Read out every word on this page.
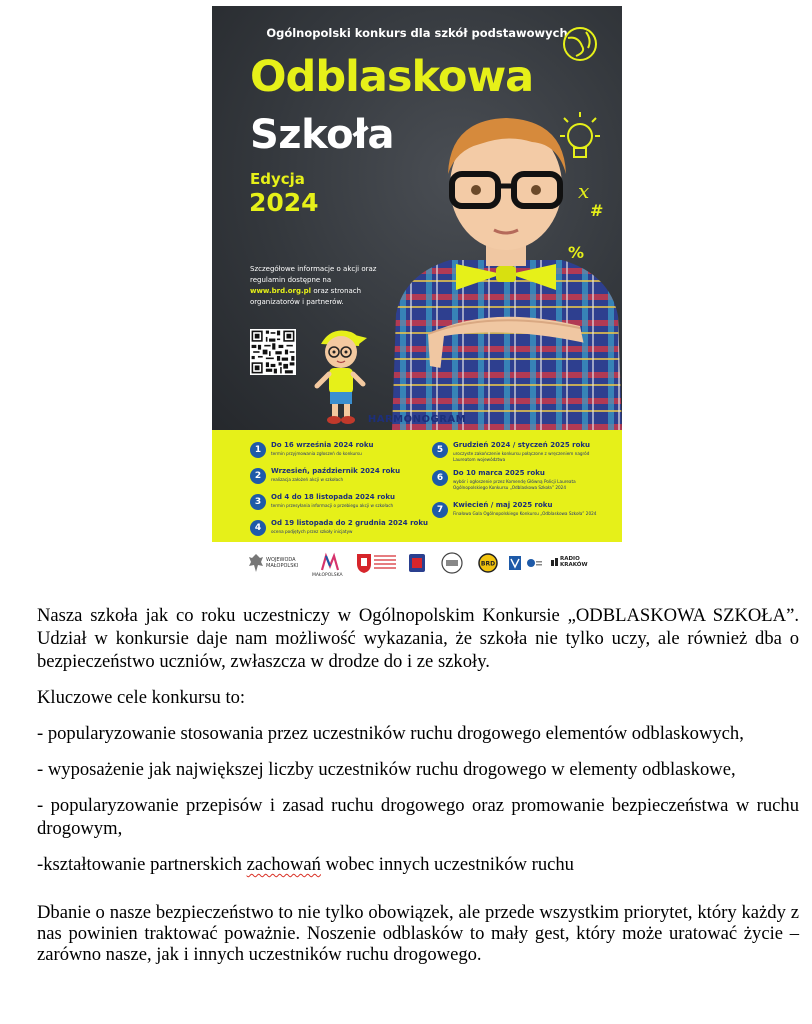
Ogólnopolski konkurs dla szkół podstawowych
Odblaskowa
Szkoła
Edycja
2024
Szczegółowe informacje o akcji oraz regulamin dostępne na www.brd.org.pl oraz stronach organizatorów i partnerów.
x
#
%
HARMONOGRAM
1	Do 16 września 2024 roku
termin przyjmowania zgłoszeń do konkursu
2	Wrzesień, październik 2024 roku
realizacja założeń akcji w szkołach
3	Od 4 do 18 listopada 2024 roku
termin przesyłania informacji o przebiegu akcji w szkołach
4	Od 19 listopada do 2 grudnia 2024 roku
ocena podjętych przez szkoły inicjatyw
5	Grudzień 2024 / styczeń 2025 roku
uroczyste zakończenie konkursu połączone z wręczeniem nagród Laureatom województwa
6	Do 10 marca 2025 roku
wybór i ogłoszenie przez Komendę Główną Policji Laureata Ogólnopolskiego Konkursu „Odblaskowa Szkoła” 2024
7	Kwiecień / maj 2025 roku
Finałowa Gala Ogólnopolskiego Konkursu „Odblaskowa Szkoła” 2024
WOJEWODA
MAŁOPOLSKI
MAŁOPOLSKA
BRD
RADIO
KRAKÓW

Nasza szkoła jak co roku uczestniczy w Ogólnopolskim Konkursie „ODBLASKOWA SZKOŁA”. Udział w konkursie daje nam możliwość wykazania, że szkoła nie tylko uczy, ale również dba o bezpieczeństwo uczniów, zwłaszcza w drodze do i ze szkoły.

Kluczowe cele konkursu to:

- popularyzowanie stosowania przez uczestników ruchu drogowego elementów odblaskowych,

- wyposażenie jak największej liczby uczestników ruchu drogowego w elementy odblaskowe,

- popularyzowanie przepisów i zasad ruchu drogowego oraz promowanie bezpieczeństwa w ruchu drogowym,

-kształtowanie partnerskich zachowań wobec innych uczestników ruchu

Dbanie o nasze bezpieczeństwo to nie tylko obowiązek, ale przede wszystkim priorytet, który każdy z nas powinien traktować poważnie. Noszenie odblasków to mały gest, który może uratować życie – zarówno nasze, jak i innych uczestników ruchu drogowego.
